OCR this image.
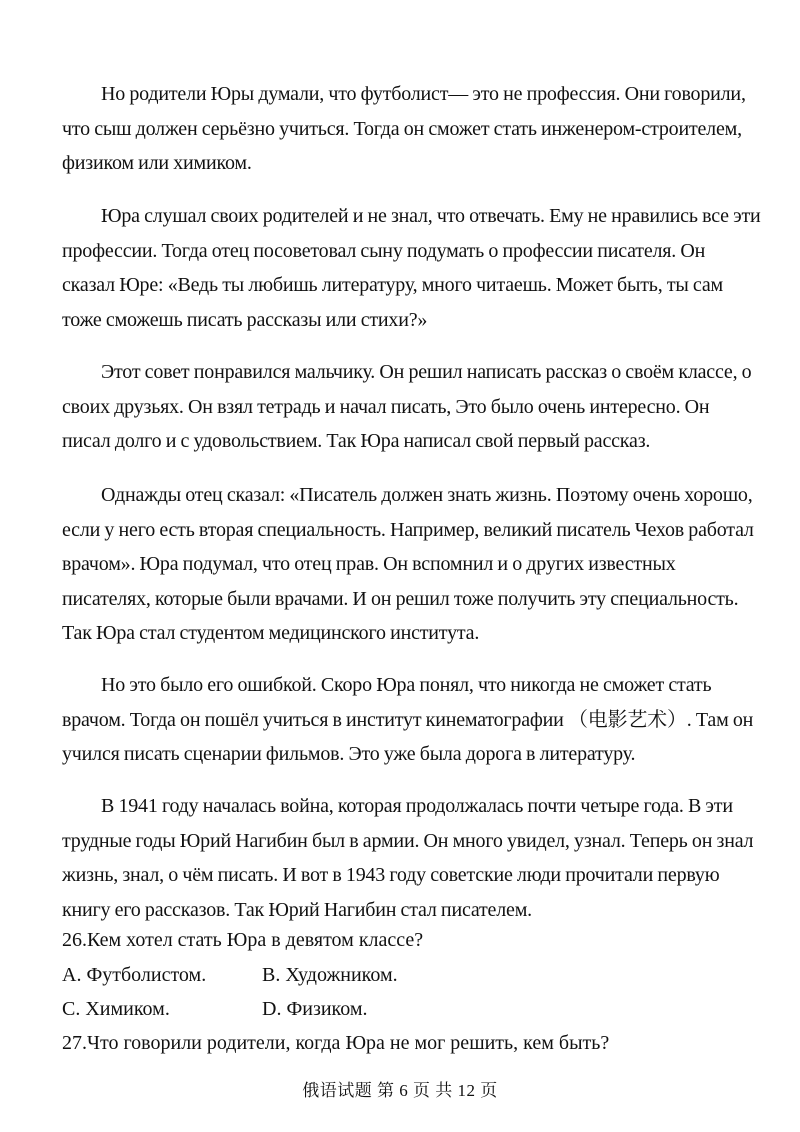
Но родители Юры думали, что футболист— это не профессия. Они говорили,
что сыш должен серьёзно учиться. Тогда он сможет стать инженером-строителем,
физиком или химиком.
Юра слушал своих родителей и не знал, что отвечать. Ему не нравились все эти
профессии. Тогда отец посоветовал сыну подумать о профессии писателя. Он
сказал Юре: «Ведь ты любишь литературу, много читаешь. Может быть, ты сам
тоже сможешь писать рассказы или стихи?»
Этот совет понравился мальчику. Он решил написать рассказ о своём классе, о
своих друзьях. Он взял тетрадь и начал писать, Это было очень интересно. Он
писал долго и с удовольствием. Так Юра написал свой первый рассказ.
Однажды отец сказал: «Писатель должен знать жизнь. Поэтому очень хорошо,
если у него есть вторая специальность. Например, великий писатель Чехов работал
врачом». Юра подумал, что отец прав. Он вспомнил и о других известных
писателях, которые были врачами. И он решил тоже получить эту специальность.
Так Юра стал студентом медицинского института.
Но это было его ошибкой. Скоро Юра понял, что никогда не сможет стать
врачом. Тогда он пошёл учиться в институт кинематографии （电影艺术）. Там он
учился писать сценарии фильмов. Это уже была дорога в литературу.
В 1941 году началась война, которая продолжалась почти четыре года. В эти
трудные годы Юрий Нагибин был в армии. Он много увидел, узнал. Теперь он знал
жизнь, знал, о чём писать. И вот в 1943 году советские люди прочитали первую
книгу его рассказов. Так Юрий Нагибин стал писателем.

26.Кем хотел стать Юра в девятом классе?

A. Футболистом.	B. Художником.

C. Химиком.	D. Физиком.

27.Что говорили родители, когда Юра не мог решить, кем быть?

俄语试题 第 6 页 共 12 页
